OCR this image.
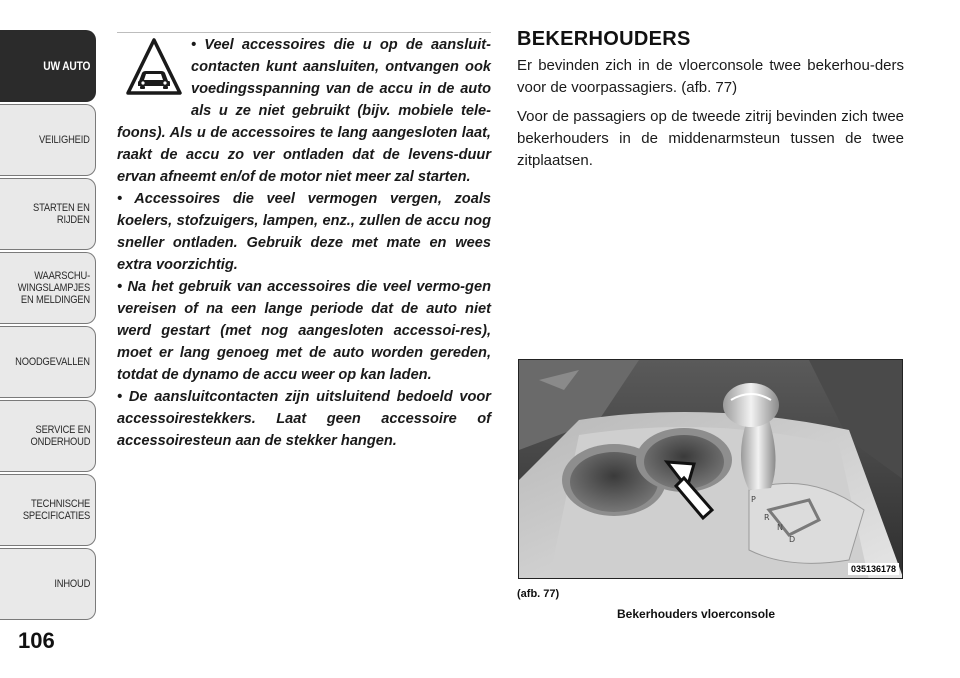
UW AUTO
VEILIGHEID
STARTEN EN
RIJDEN
WAARSCHU-
WINGSLAMPJES
EN MELDINGEN
NOODGEVALLEN
SERVICE EN
ONDERHOUD
TECHNISCHE
SPECIFICATIES
INHOUD
106

• Veel accessoires die u op de aansluit-contacten kunt aansluiten, ontvangen ook voedingsspanning van de accu in de auto als u ze niet gebruikt (bijv. mobiele tele-foons). Als u de accessoires te lang aangesloten laat, raakt de accu zo ver ontladen dat de levens-duur ervan afneemt en/of de motor niet meer zal starten.

• Accessoires die veel vermogen vergen, zoals koelers, stofzuigers, lampen, enz., zullen de accu nog sneller ontladen. Gebruik deze met mate en wees extra voorzichtig.

• Na het gebruik van accessoires die veel vermo-gen vereisen of na een lange periode dat de auto niet werd gestart (met nog aangesloten accessoi-res), moet er lang genoeg met de auto worden gereden, totdat de dynamo de accu weer op kan laden.

• De aansluitcontacten zijn uitsluitend bedoeld voor accessoirestekkers. Laat geen accessoire of accessoiresteun aan de stekker hangen.

BEKERHOUDERS

Er bevinden zich in de vloerconsole twee bekerhou-ders voor de voorpassagiers. (afb. 77)

Voor de passagiers op de tweede zitrij bevinden zich twee bekerhouders in de middenarmsteun tussen de twee zitplaatsen.

P
R
N
D
035136178
(afb. 77)
Bekerhouders vloerconsole
